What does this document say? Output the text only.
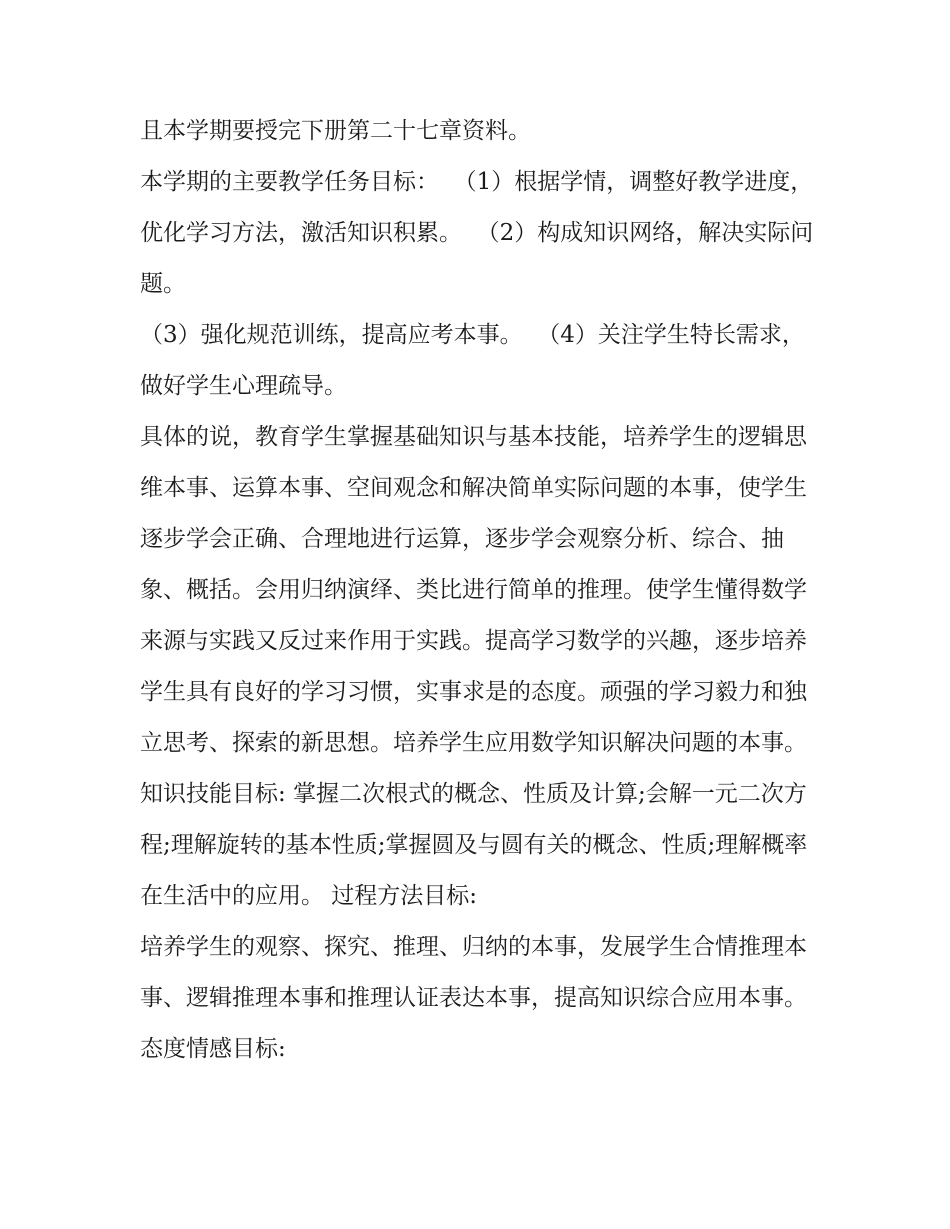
且本学期要授完下册第二十七章资料。

本学期的主要教学任务目标：  （1）根据学情，调整好教学进度，优化学习方法，激活知识积累。  （2）构成知识网络，解决实际问题。

（3）强化规范训练，提高应考本事。  （4）关注学生特长需求，做好学生心理疏导。

具体的说，教育学生掌握基础知识与基本技能，培养学生的逻辑思维本事、运算本事、空间观念和解决简单实际问题的本事，使学生逐步学会正确、合理地进行运算，逐步学会观察分析、综合、抽象、概括。会用归纳演绎、类比进行简单的推理。使学生懂得数学来源与实践又反过来作用于实践。提高学习数学的兴趣，逐步培养学生具有良好的学习习惯，实事求是的态度。顽强的学习毅力和独立思考、探索的新思想。培养学生应用数学知识解决问题的本事。

知识技能目标: 掌握二次根式的概念、性质及计算;会解一元二次方程;理解旋转的基本性质;掌握圆及与圆有关的概念、性质;理解概率在生活中的应用。 过程方法目标:

培养学生的观察、探究、推理、归纳的本事，发展学生合情推理本事、逻辑推理本事和推理认证表达本事，提高知识综合应用本事。 态度情感目标:
